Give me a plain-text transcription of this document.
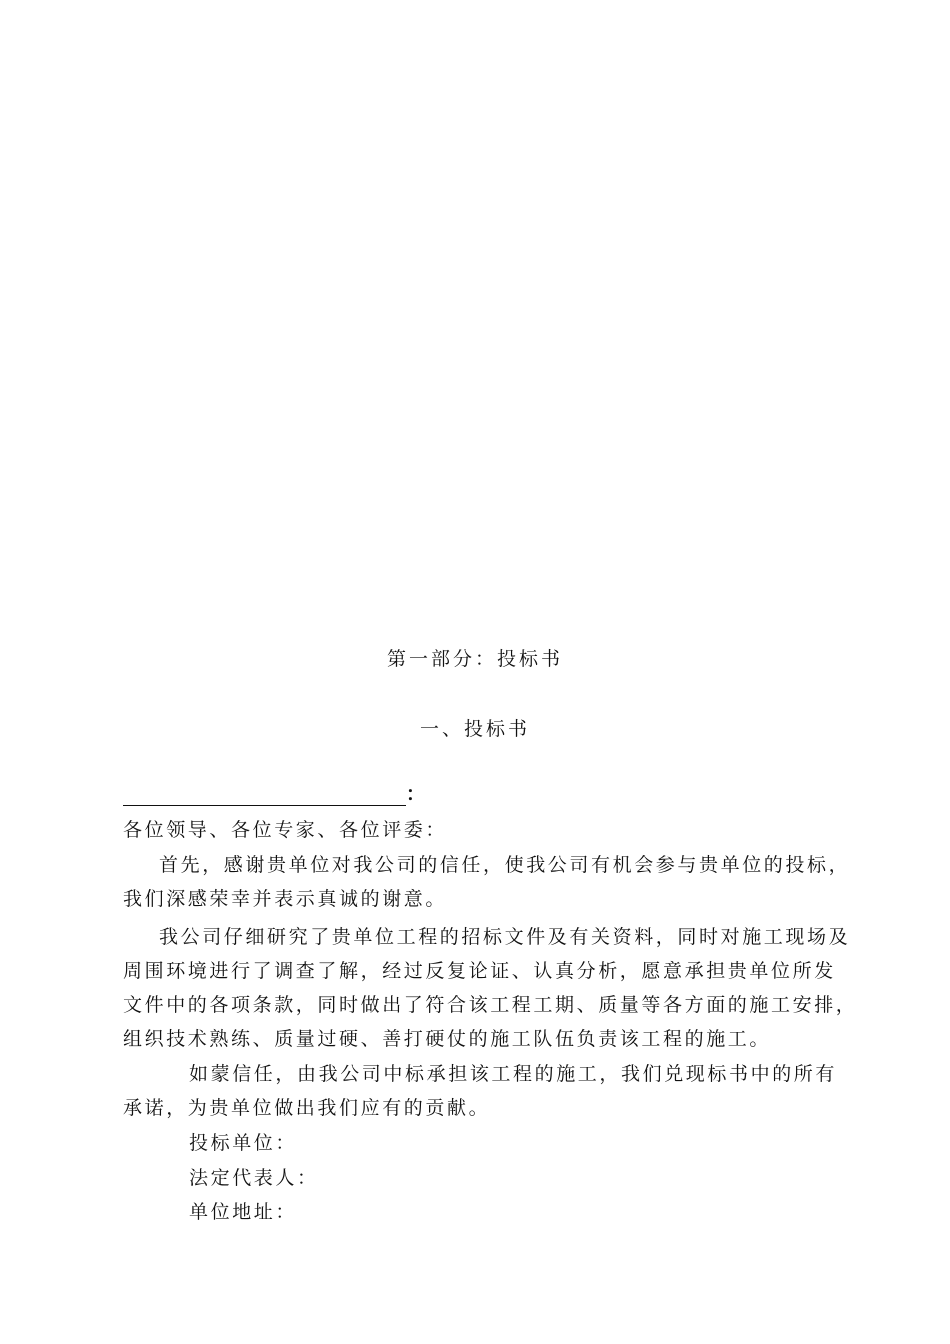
第一部分：投标书
一、投标书
：
各位领导、各位专家、各位评委：
首先，感谢贵单位对我公司的信任，使我公司有机会参与贵单位的投标，
我们深感荣幸并表示真诚的谢意。
我公司仔细研究了贵单位工程的招标文件及有关资料，同时对施工现场及
周围环境进行了调查了解，经过反复论证、认真分析，愿意承担贵单位所发
文件中的各项条款，同时做出了符合该工程工期、质量等各方面的施工安排，
组织技术熟练、质量过硬、善打硬仗的施工队伍负责该工程的施工。
如蒙信任，由我公司中标承担该工程的施工，我们兑现标书中的所有
承诺，为贵单位做出我们应有的贡献。
投标单位：
法定代表人：
单位地址：
